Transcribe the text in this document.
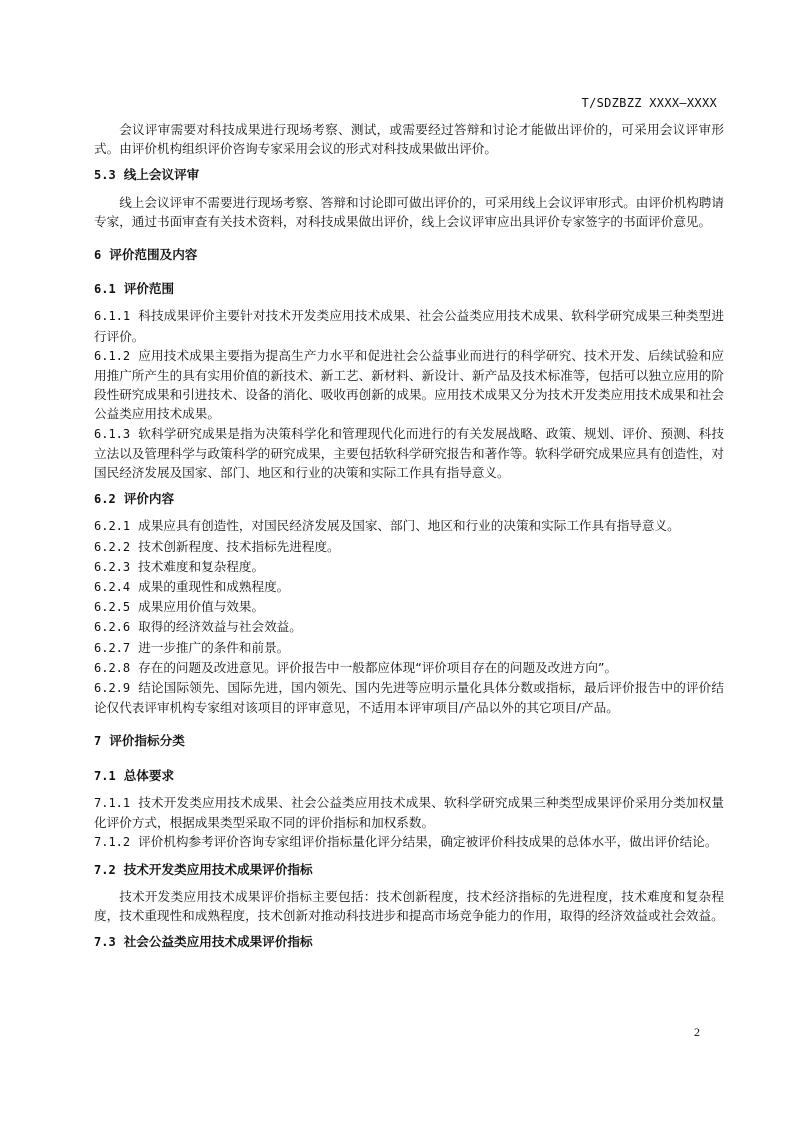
T/SDZBZZ XXXX—XXXX

会议评审需要对科技成果进行现场考察、测试，或需要经过答辩和讨论才能做出评价的，可采用会议评审形式。由评价机构组织评价咨询专家采用会议的形式对科技成果做出评价。

5.3 线上会议评审

线上会议评审不需要进行现场考察、答辩和讨论即可做出评价的，可采用线上会议评审形式。由评价机构聘请专家，通过书面审查有关技术资料，对科技成果做出评价，线上会议评审应出具评价专家签字的书面评价意见。

6 评价范围及内容

6.1 评价范围

6.1.1 科技成果评价主要针对技术开发类应用技术成果、社会公益类应用技术成果、软科学研究成果三种类型进行评价。

6.1.2 应用技术成果主要指为提高生产力水平和促进社会公益事业而进行的科学研究、技术开发、后续试验和应用推广所产生的具有实用价值的新技术、新工艺、新材料、新设计、新产品及技术标准等，包括可以独立应用的阶段性研究成果和引进技术、设备的消化、吸收再创新的成果。应用技术成果又分为技术开发类应用技术成果和社会公益类应用技术成果。

6.1.3 软科学研究成果是指为决策科学化和管理现代化而进行的有关发展战略、政策、规划、评价、预测、科技立法以及管理科学与政策科学的研究成果，主要包括软科学研究报告和著作等。软科学研究成果应具有创造性，对国民经济发展及国家、部门、地区和行业的决策和实际工作具有指导意义。

6.2 评价内容

6.2.1 成果应具有创造性，对国民经济发展及国家、部门、地区和行业的决策和实际工作具有指导意义。

6.2.2 技术创新程度、技术指标先进程度。

6.2.3 技术难度和复杂程度。

6.2.4 成果的重现性和成熟程度。

6.2.5 成果应用价值与效果。

6.2.6 取得的经济效益与社会效益。

6.2.7 进一步推广的条件和前景。

6.2.8 存在的问题及改进意见。评价报告中一般都应体现“评价项目存在的问题及改进方向”。

6.2.9 结论国际领先、国际先进，国内领先、国内先进等应明示量化具体分数或指标，最后评价报告中的评价结论仅代表评审机构专家组对该项目的评审意见，不适用本评审项目/产品以外的其它项目/产品。

7 评价指标分类

7.1 总体要求

7.1.1 技术开发类应用技术成果、社会公益类应用技术成果、软科学研究成果三种类型成果评价采用分类加权量化评价方式，根据成果类型采取不同的评价指标和加权系数。

7.1.2 评价机构参考评价咨询专家组评价指标量化评分结果，确定被评价科技成果的总体水平，做出评价结论。

7.2 技术开发类应用技术成果评价指标

技术开发类应用技术成果评价指标主要包括：技术创新程度，技术经济指标的先进程度，技术难度和复杂程度，技术重现性和成熟程度，技术创新对推动科技进步和提高市场竞争能力的作用，取得的经济效益或社会效益。

7.3 社会公益类应用技术成果评价指标

2
